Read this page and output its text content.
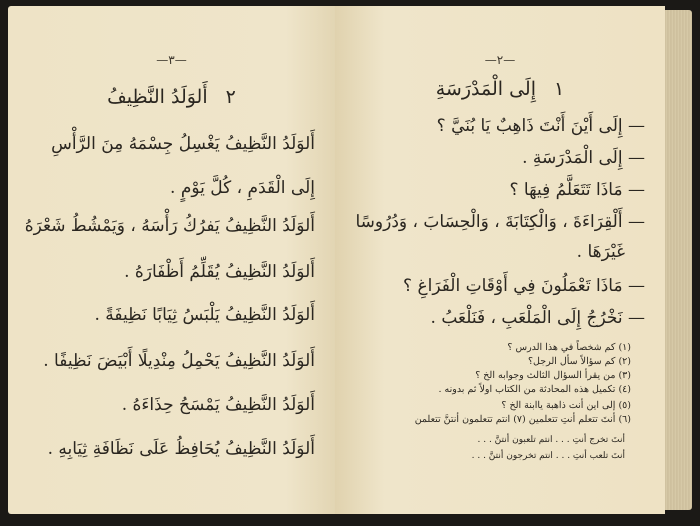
—٣—
٢أَلوَلَدُ النَّظِيفُ
أَلوَلَدُ النَّظِيفُ يَغْسِلُ جِسْمَهُ مِنَ الرَّأْسِ
إِلَى الْقَدَمِ ، كُلَّ يَوْمٍ .
أَلوَلَدُ النَّظِيفُ يَفرُكُ رَأْسَهُ ، وَيَمْشُطُ شَعْرَهُ
أَلوَلَدُ النَّظِيفُ يُقَلِّمُ أَظْفَارَهُ .
أَلوَلَدُ النَّظِيفُ يَلْبَسُ ثِيَابًا نَظِيفَةً .
أَلوَلَدُ النَّظِيفُ يَحْمِلُ مِنْدِيلًا أَبْيَضَ نَظِيفًا .
أَلوَلَدُ النَّظِيفُ يَمْسَحُ حِذَاءَهُ .
أَلوَلَدُ النَّظِيفُ يُحَافِظُ عَلَى نَظَافَةِ ثِيَابِهِ .
—٢—
١إِلَى الْمَدْرَسَةِ
— إِلَى أَيْنَ أَنْتَ ذَاهِبٌ يَا بُنَيَّ ؟
— إِلَى الْمَدْرَسَةِ .
— مَاذَا تَتَعَلَّمُ فِيهَا ؟
— أَلْقِرَاءَةَ ، وَالْكِتَابَةَ ، وَالْحِسَابَ ، وَدُرُوسًا
غَيْرَهَا .
— مَاذَا تَعْمَلُونَ فِي أَوْقَاتِ الْفَرَاغِ ؟
— نَخْرُجُ إِلَى الْمَلْعَبِ ، فَنَلْعَبُ .
(١) كم شخصاً في هذا الدرس ؟
(٢) كم سؤالاً سأل الرجل؟
(٣) من يقرأ السؤال الثالث وجوابه الخ ؟
(٤) تكميل هذه المحادثة من الكتاب اولاً ثم بدونه .
(٥) إلى اين أنت ذاهبة ياابنة الخ ؟
(٦) أنتَ تتعلم أنتِ تتعلمين (٧) انتم تتعلمون أنتنَّ تتعلمن
أنتَ تخرج أنتِ . . . انتم تلعبون أنتنَّ . . .
أنتَ تلعب أنتِ . . . انتم تخرجون أنتنَّ . . .
